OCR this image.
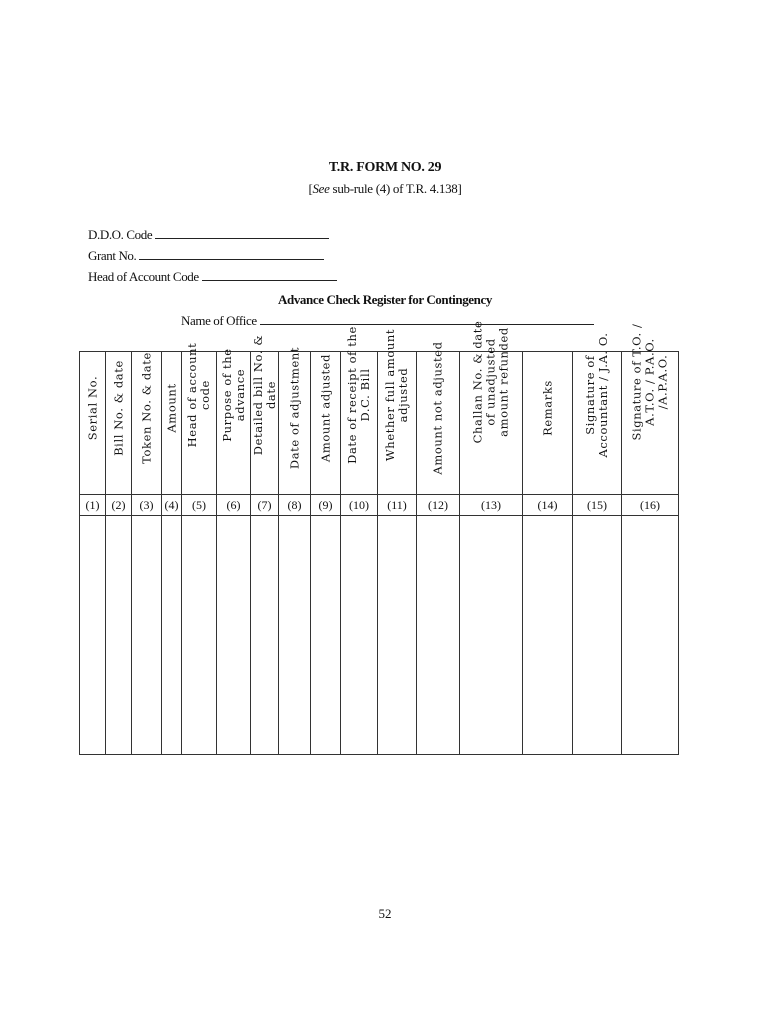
T.R. FORM NO. 29
[See sub-rule (4) of T.R. 4.138]
D.D.O. Code
Grant No.
Head of Account Code
Advance Check Register for Contingency
Name of Office
Serial No.	Bill No. & date	Token No. & date	Amount	Head of account code	Purpose of the advance	Detailed bill No. & date	Date of adjustment	Amount adjusted	Date of receipt of the D.C. Bill	Whether full amount adjusted	Amount not adjusted	Challan No. & date of unadjusted amount refunded	Remarks	Signature of Accountant / J.A. O.	Signature of T.O. / A.T.O. / P.A.O. /A.P.A.O.

(1)	(2)	(3)	(4)	(5)	(6)	(7)	(8)	(9)	(10)	(11)	(12)	(13)	(14)	(15)	(16)

52
